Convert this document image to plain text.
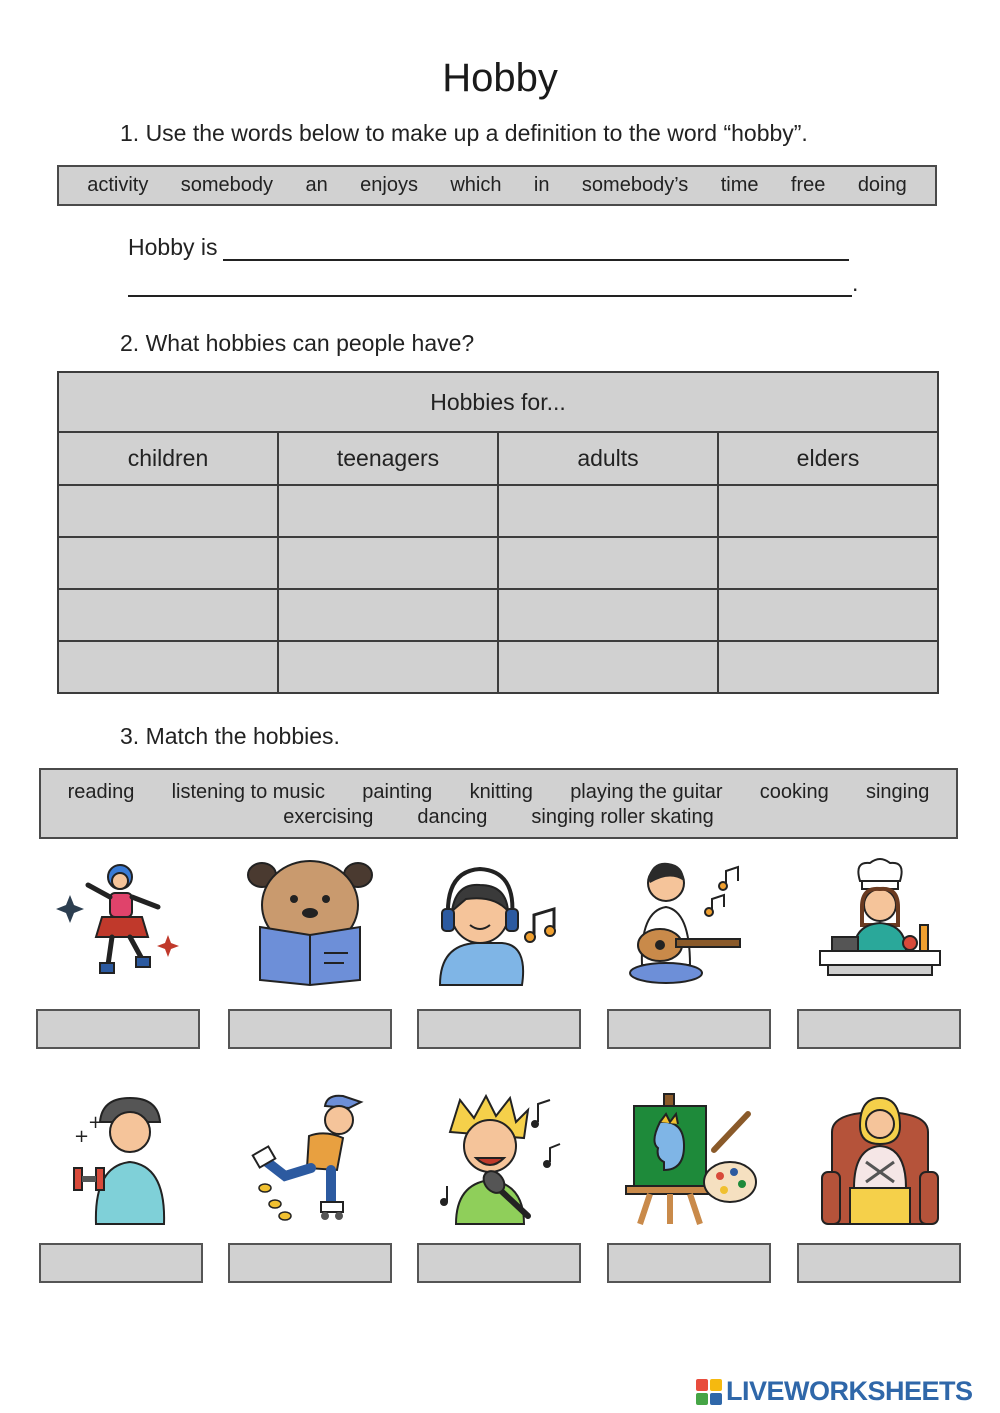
Hobby
1. Use the words below to make up a definition to the word “hobby”.
activity somebody an enjoys which in somebody’s time free doing
Hobby is
.
2. What hobbies can people have?
Hobbies for...			
children	teenagers	adults	elders

3. Match the hobbies.
reading listening to music painting knitting playing the guitar cooking singing
exercising dancing singing roller skating
+
+
LIVEWORKSHEETS
